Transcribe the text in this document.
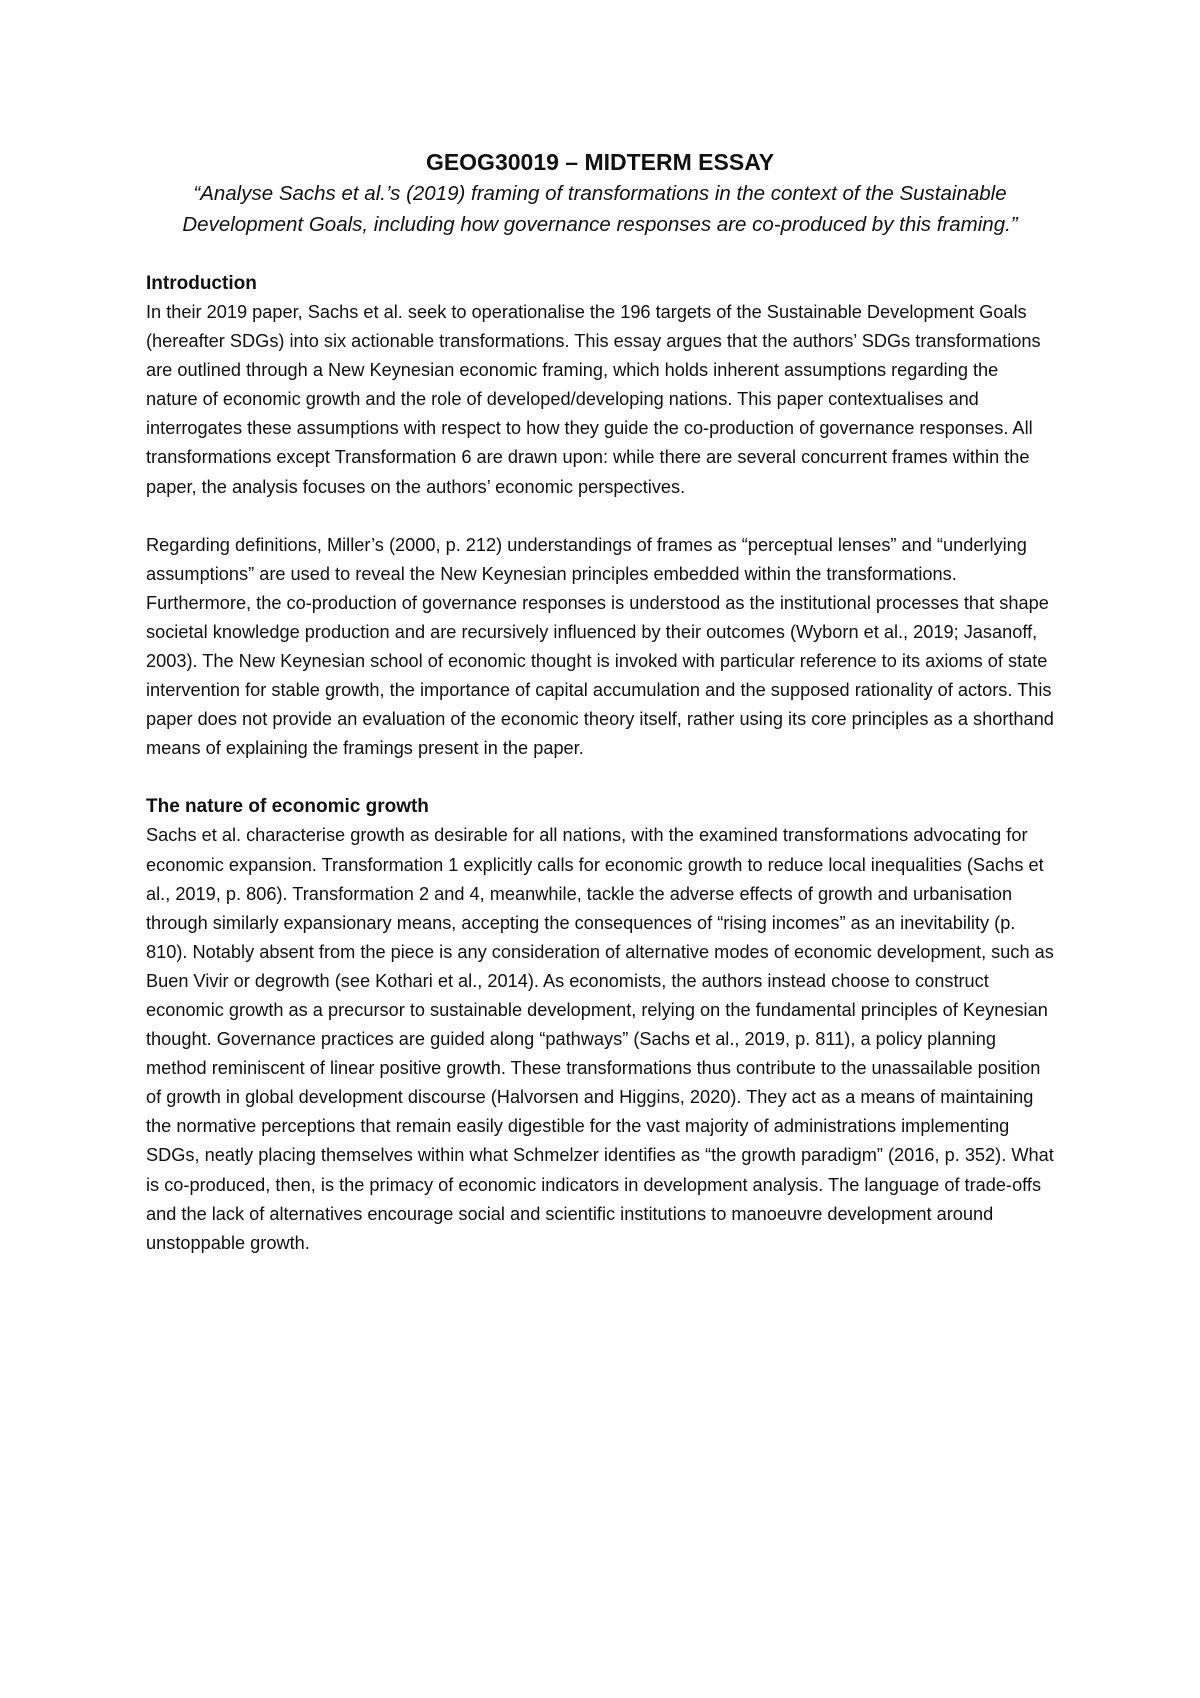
GEOG30019 – MIDTERM ESSAY

“Analyse Sachs et al.’s (2019) framing of transformations in the context of the Sustainable Development Goals, including how governance responses are co-produced by this framing.”

Introduction

In their 2019 paper, Sachs et al. seek to operationalise the 196 targets of the Sustainable Development Goals (hereafter SDGs) into six actionable transformations. This essay argues that the authors’ SDGs transformations are outlined through a New Keynesian economic framing, which holds inherent assumptions regarding the nature of economic growth and the role of developed/developing nations. This paper contextualises and interrogates these assumptions with respect to how they guide the co-production of governance responses. All transformations except Transformation 6 are drawn upon: while there are several concurrent frames within the paper, the analysis focuses on the authors’ economic perspectives.

Regarding definitions, Miller’s (2000, p. 212) understandings of frames as “perceptual lenses” and “underlying assumptions” are used to reveal the New Keynesian principles embedded within the transformations. Furthermore, the co-production of governance responses is understood as the institutional processes that shape societal knowledge production and are recursively influenced by their outcomes (Wyborn et al., 2019; Jasanoff, 2003). The New Keynesian school of economic thought is invoked with particular reference to its axioms of state intervention for stable growth, the importance of capital accumulation and the supposed rationality of actors. This paper does not provide an evaluation of the economic theory itself, rather using its core principles as a shorthand means of explaining the framings present in the paper.

The nature of economic growth

Sachs et al. characterise growth as desirable for all nations, with the examined transformations advocating for economic expansion. Transformation 1 explicitly calls for economic growth to reduce local inequalities (Sachs et al., 2019, p. 806). Transformation 2 and 4, meanwhile, tackle the adverse effects of growth and urbanisation through similarly expansionary means, accepting the consequences of “rising incomes” as an inevitability (p. 810). Notably absent from the piece is any consideration of alternative modes of economic development, such as Buen Vivir or degrowth (see Kothari et al., 2014). As economists, the authors instead choose to construct economic growth as a precursor to sustainable development, relying on the fundamental principles of Keynesian thought. Governance practices are guided along “pathways” (Sachs et al., 2019, p. 811), a policy planning method reminiscent of linear positive growth. These transformations thus contribute to the unassailable position of growth in global development discourse (Halvorsen and Higgins, 2020). They act as a means of maintaining the normative perceptions that remain easily digestible for the vast majority of administrations implementing SDGs, neatly placing themselves within what Schmelzer identifies as “the growth paradigm” (2016, p. 352). What is co-produced, then, is the primacy of economic indicators in development analysis. The language of trade-offs and the lack of alternatives encourage social and scientific institutions to manoeuvre development around unstoppable growth.
